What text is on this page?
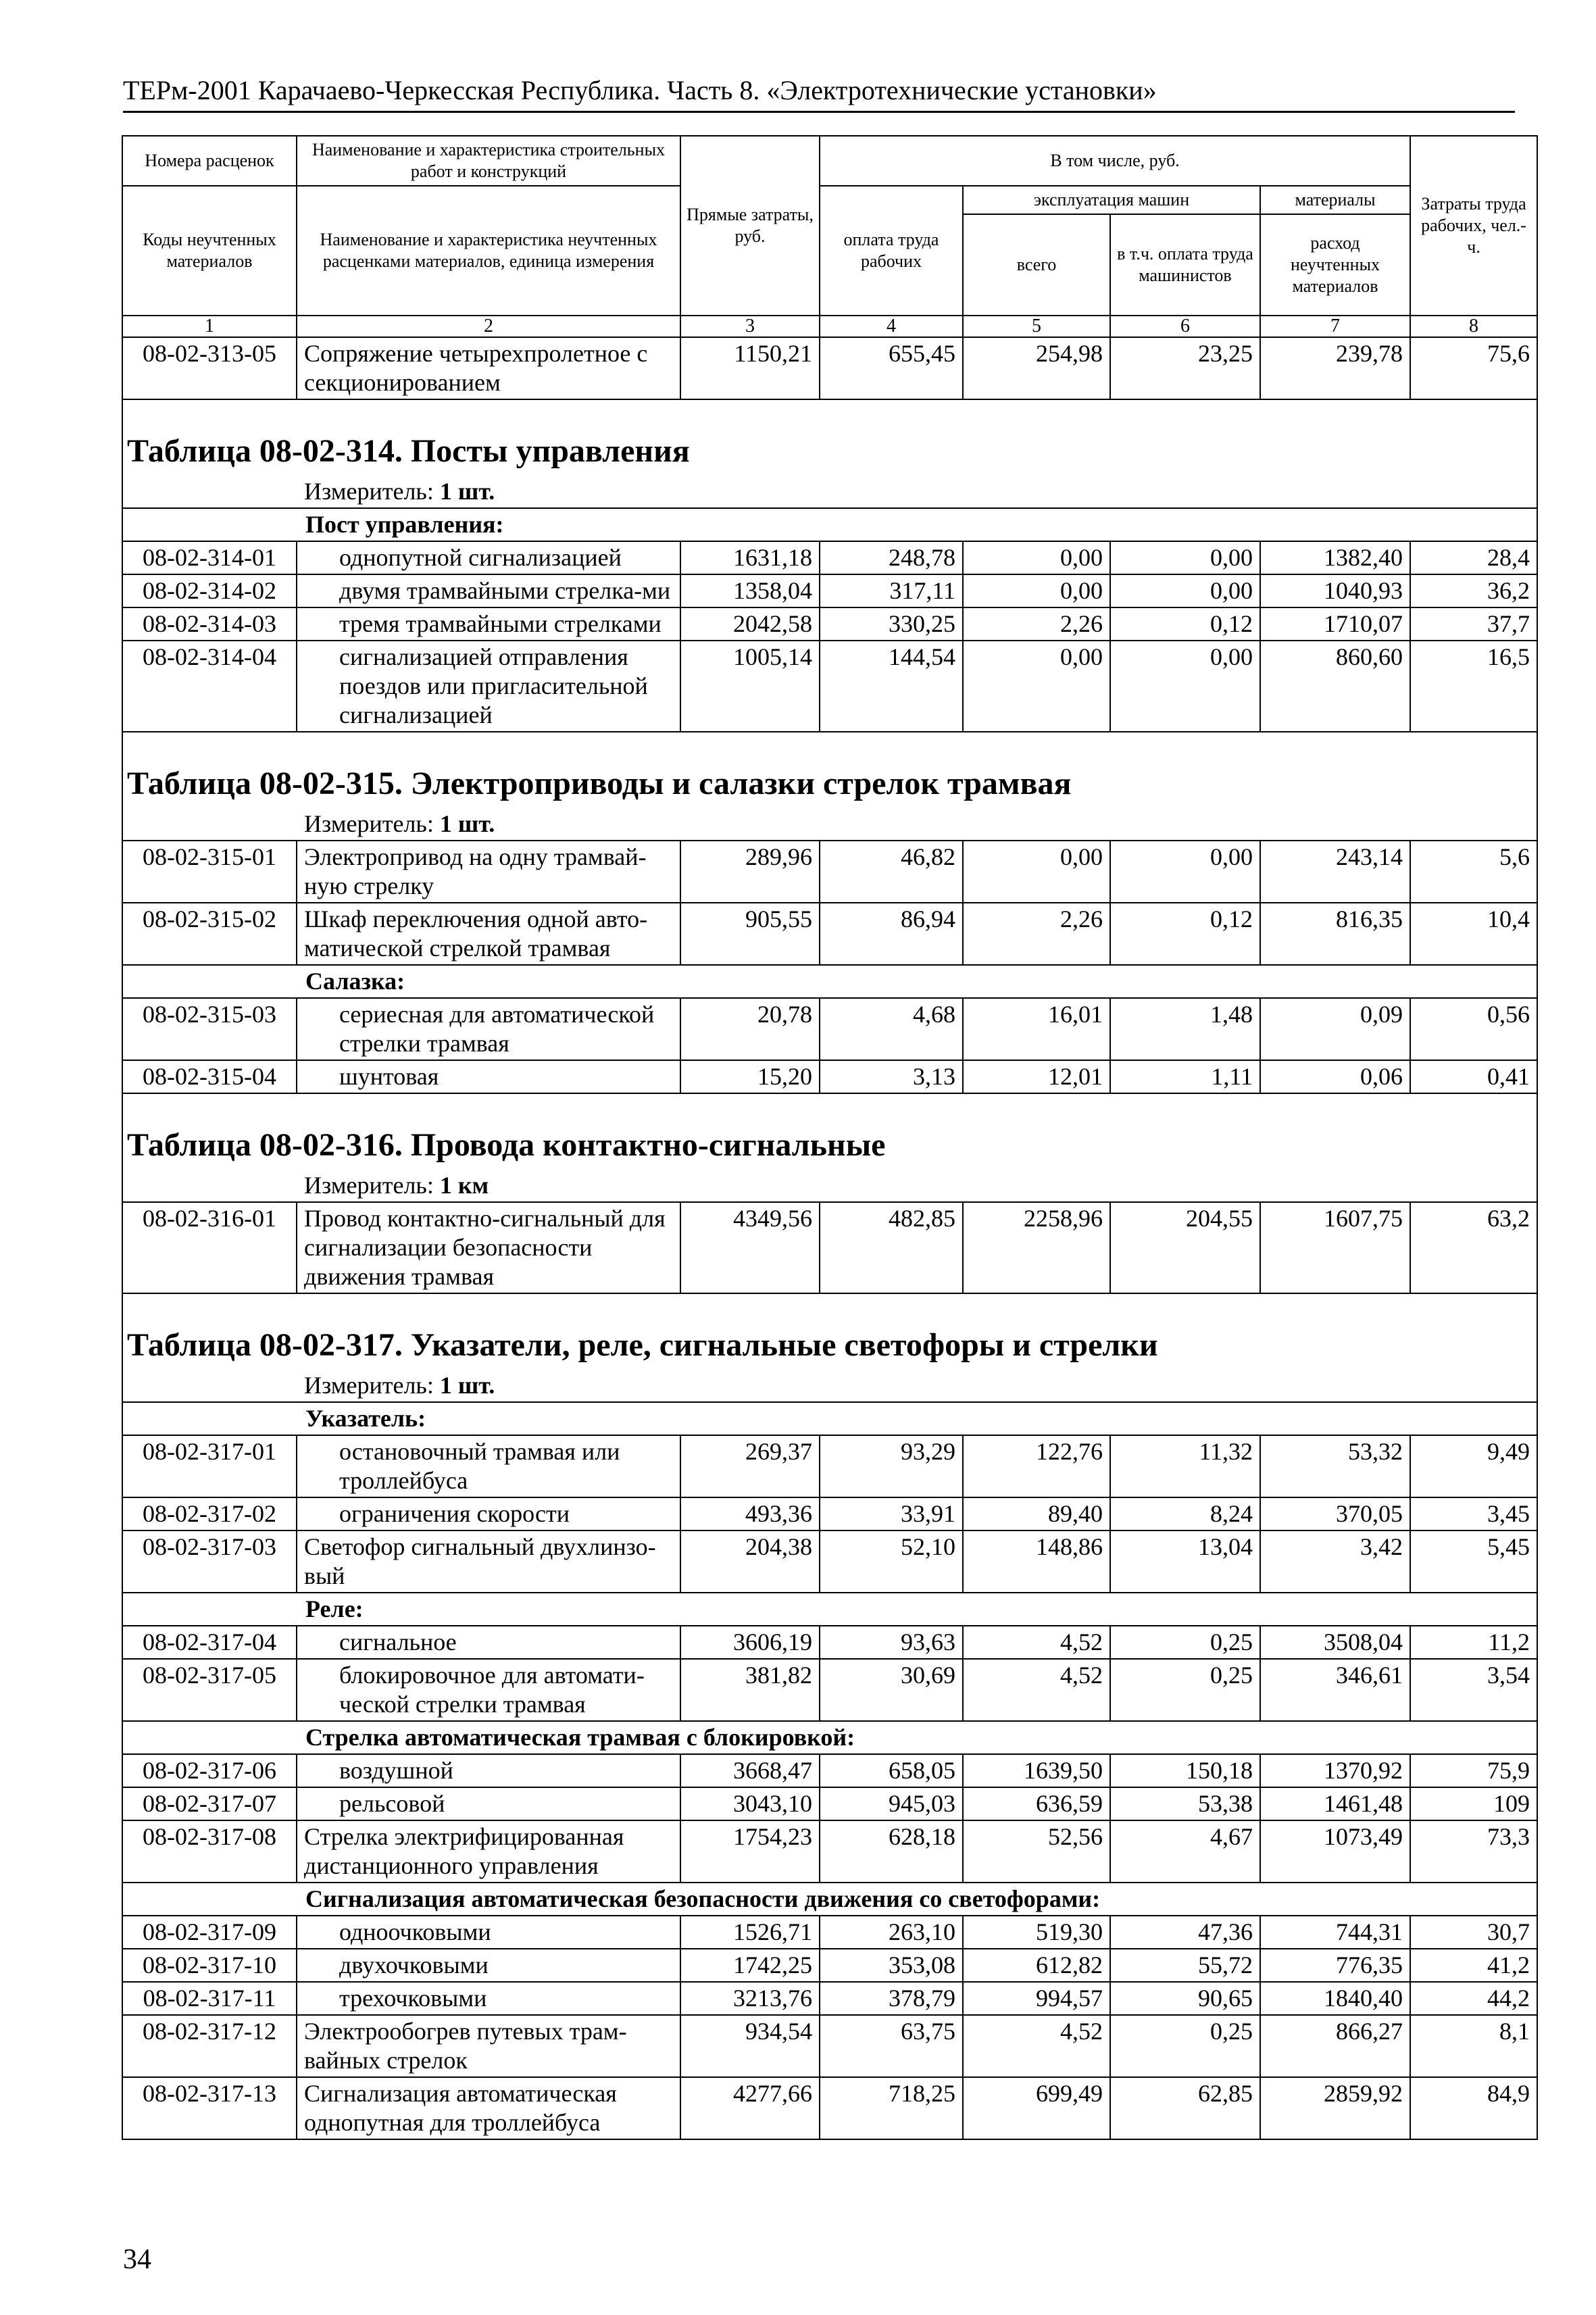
ТЕРм-2001 Карачаево-Черкесская Республика. Часть 8. «Электротехнические установки»
Номера расценок	Наименование и характеристика строительных работ и конструкций	Прямые затраты, руб.	В том числе, руб.				Затраты труда рабочих, чел.-ч.
Коды неучтенных материалов	Наименование и характеристика неучтенных расценками материалов, единица измерения		оплата труда рабочих	эксплуатация машин		материалы	
				всего	в т.ч. оплата труда машинистов	расход неучтенных материалов	

1	2	3	4	5	6	7	8
08-02-313-05	Сопряжение четырехпролетное с секционированием	1150,21	655,45	254,98	23,25	239,78	75,6
Таблица 08-02-314. Посты управления							
Измеритель: 1 шт.							
Пост управления:							
08-02-314-01	однопутной сигнализацией	1631,18	248,78	0,00	0,00	1382,40	28,4
08-02-314-02	двумя трамвайными стрелка-ми	1358,04	317,11	0,00	0,00	1040,93	36,2
08-02-314-03	тремя трамвайными стрелками	2042,58	330,25	2,26	0,12	1710,07	37,7
08-02-314-04	сигнализацией отправления поездов или пригласительной сигнализацией	1005,14	144,54	0,00	0,00	860,60	16,5
Таблица 08-02-315. Электроприводы и салазки стрелок трамвая							
Измеритель: 1 шт.							
08-02-315-01	Электропривод на одну трамвай-ную стрелку	289,96	46,82	0,00	0,00	243,14	5,6
08-02-315-02	Шкаф переключения одной авто-матической стрелкой трамвая	905,55	86,94	2,26	0,12	816,35	10,4
Салазка:							
08-02-315-03	сериесная для автоматической стрелки трамвая	20,78	4,68	16,01	1,48	0,09	0,56
08-02-315-04	шунтовая	15,20	3,13	12,01	1,11	0,06	0,41
Таблица 08-02-316. Провода контактно-сигнальные							
Измеритель: 1 км							
08-02-316-01	Провод контактно-сигнальный для сигнализации безопасности движения трамвая	4349,56	482,85	2258,96	204,55	1607,75	63,2
Таблица 08-02-317. Указатели, реле, сигнальные светофоры и стрелки							
Измеритель: 1 шт.							
Указатель:							
08-02-317-01	остановочный трамвая или троллейбуса	269,37	93,29	122,76	11,32	53,32	9,49
08-02-317-02	ограничения скорости	493,36	33,91	89,40	8,24	370,05	3,45
08-02-317-03	Светофор сигнальный двухлинзо-вый	204,38	52,10	148,86	13,04	3,42	5,45
Реле:							
08-02-317-04	сигнальное	3606,19	93,63	4,52	0,25	3508,04	11,2
08-02-317-05	блокировочное для автомати-ческой стрелки трамвая	381,82	30,69	4,52	0,25	346,61	3,54
Стрелка автоматическая трамвая с блокировкой:							
08-02-317-06	воздушной	3668,47	658,05	1639,50	150,18	1370,92	75,9
08-02-317-07	рельсовой	3043,10	945,03	636,59	53,38	1461,48	109
08-02-317-08	Стрелка электрифицированная дистанционного управления	1754,23	628,18	52,56	4,67	1073,49	73,3
Сигнализация автоматическая безопасности движения со светофорами:							
08-02-317-09	одноочковыми	1526,71	263,10	519,30	47,36	744,31	30,7
08-02-317-10	двухочковыми	1742,25	353,08	612,82	55,72	776,35	41,2
08-02-317-11	трехочковыми	3213,76	378,79	994,57	90,65	1840,40	44,2
08-02-317-12	Электрообогрев путевых трам-вайных стрелок	934,54	63,75	4,52	0,25	866,27	8,1
08-02-317-13	Сигнализация автоматическая однопутная для троллейбуса	4277,66	718,25	699,49	62,85	2859,92	84,9
34
